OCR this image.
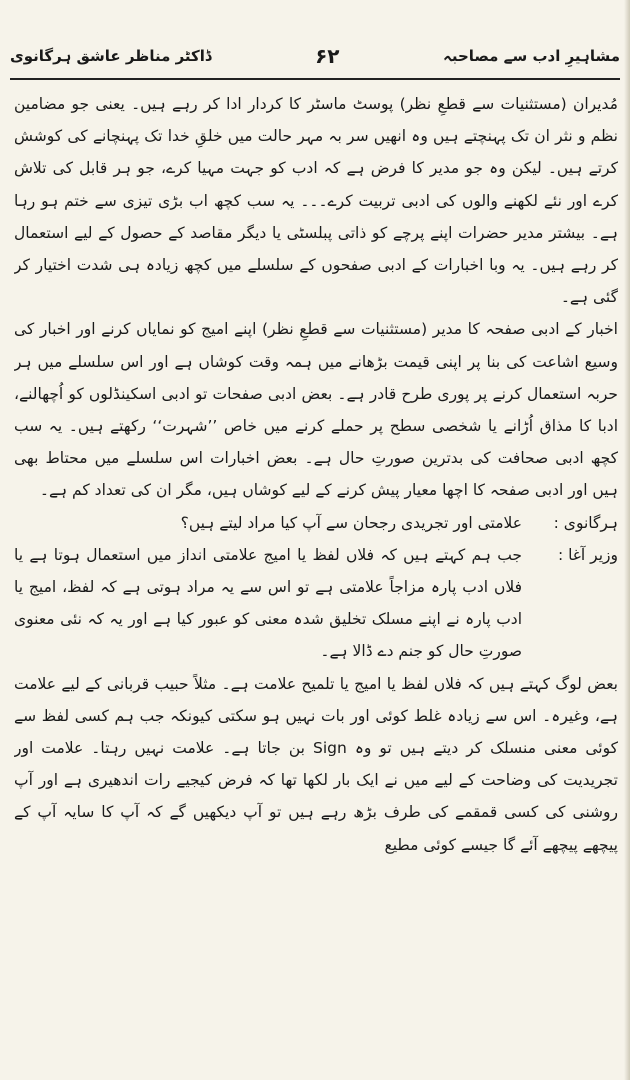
مشاہیرِ ادب سے مصاحبہ
۶۲
ڈاکٹر مناظر عاشق ہرگانوی

مُدیران (مستثنیات سے قطعِ نظر) پوسٹ ماسٹر کا کردار ادا کر رہے ہیں۔ یعنی جو مضامین نظم و نثر ان تک پہنچتے ہیں وہ انھیں سر بہ مہر حالت میں خلقِ خدا تک پہنچانے کی کوشش کرتے ہیں۔ لیکن وہ جو مدیر کا فرض ہے کہ ادب کو جہت مہیا کرے، جو ہر قابل کی تلاش کرے اور نئے لکھنے والوں کی ادبی تربیت کرے۔۔۔ یہ سب کچھ اب بڑی تیزی سے ختم ہو رہا ہے۔ بیشتر مدیر حضرات اپنے پرچے کو ذاتی پبلسٹی یا دیگر مقاصد کے حصول کے لیے استعمال کر رہے ہیں۔ یہ وبا اخبارات کے ادبی صفحوں کے سلسلے میں کچھ زیادہ ہی شدت اختیار کر گئی ہے۔

اخبار کے ادبی صفحہ کا مدیر (مستثنیات سے قطعِ نظر) اپنے امیج کو نمایاں کرنے اور اخبار کی وسیع اشاعت کی بنا پر اپنی قیمت بڑھانے میں ہمہ وقت کوشاں ہے اور اس سلسلے میں ہر حربہ استعمال کرنے پر پوری طرح قادر ہے۔ بعض ادبی صفحات تو ادبی اسکینڈلوں کو اُچھالنے، ادبا کا مذاق اُڑانے یا شخصی سطح پر حملے کرنے میں خاص ’’شہرت‘‘ رکھتے ہیں۔ یہ سب کچھ ادبی صحافت کی بدترین صورتِ حال ہے۔ بعض اخبارات اس سلسلے میں محتاط بھی ہیں اور ادبی صفحہ کا اچھا معیار پیش کرنے کے لیے کوشاں ہیں، مگر ان کی تعداد کم ہے۔

ہرگانوی :
علامتی اور تجریدی رجحان سے آپ کیا مراد لیتے ہیں؟
وزیر آغا :
جب ہم کہتے ہیں کہ فلاں لفظ یا امیج علامتی انداز میں استعمال ہوتا ہے یا فلاں ادب پارہ مزاجاً علامتی ہے تو اس سے یہ مراد ہوتی ہے کہ لفظ، امیج یا ادب پارہ نے اپنے مسلک تخلیق شدہ معنی کو عبور کیا ہے اور یہ کہ نئی معنوی صورتِ حال کو جنم دے ڈالا ہے۔

بعض لوگ کہتے ہیں کہ فلاں لفظ یا امیج یا تلمیح علامت ہے۔ مثلاً حبیب قربانی کے لیے علامت ہے، وغیرہ۔ اس سے زیادہ غلط کوئی اور بات نہیں ہو سکتی کیونکہ جب ہم کسی لفظ سے کوئی معنی منسلک کر دیتے ہیں تو وہ Sign بن جاتا ہے۔ علامت نہیں رہتا۔ علامت اور تجریدیت کی وضاحت کے لیے میں نے ایک بار لکھا تھا کہ فرض کیجیے رات اندھیری ہے اور آپ روشنی کی کسی قمقمے کی طرف بڑھ رہے ہیں تو آپ دیکھیں گے کہ آپ کا سایہ آپ کے پیچھے پیچھے آئے گا جیسے کوئی مطیع
